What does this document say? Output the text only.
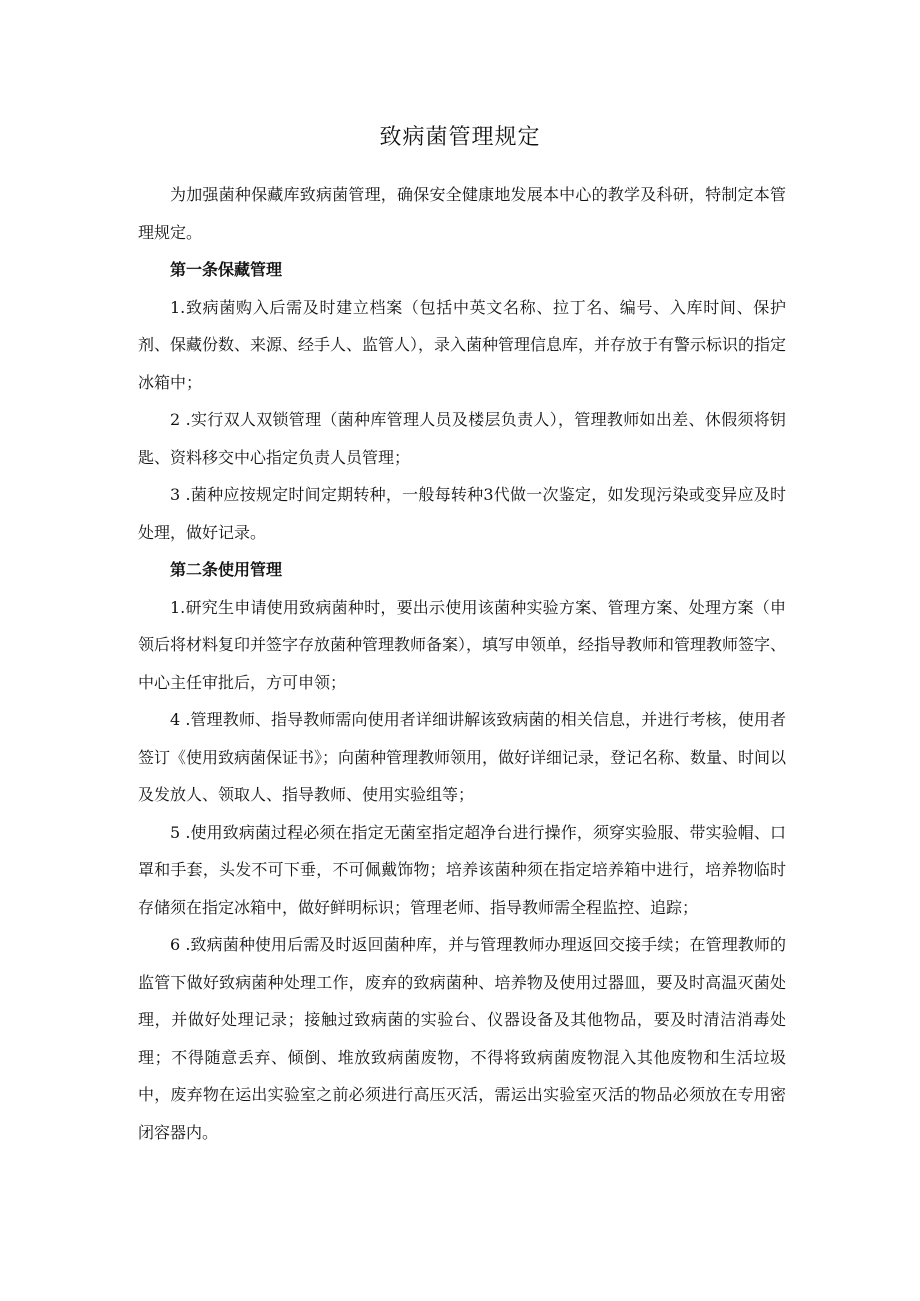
致病菌管理规定

为加强菌种保藏库致病菌管理，确保安全健康地发展本中心的教学及科研，特制定本管理规定。

第一条保藏管理

1.致病菌购入后需及时建立档案（包括中英文名称、拉丁名、编号、入库时间、保护剂、保藏份数、来源、经手人、监管人），录入菌种管理信息库，并存放于有警示标识的指定冰箱中；

2 .实行双人双锁管理（菌种库管理人员及楼层负责人），管理教师如出差、休假须将钥匙、资料移交中心指定负责人员管理；

3 .菌种应按规定时间定期转种，一般每转种3代做一次鉴定，如发现污染或变异应及时处理，做好记录。

第二条使用管理

1.研究生申请使用致病菌种时，要出示使用该菌种实验方案、管理方案、处理方案（申领后将材料复印并签字存放菌种管理教师备案），填写申领单，经指导教师和管理教师签字、中心主任审批后，方可申领；

4 .管理教师、指导教师需向使用者详细讲解该致病菌的相关信息，并进行考核，使用者签订《使用致病菌保证书》；向菌种管理教师领用，做好详细记录，登记名称、数量、时间以及发放人、领取人、指导教师、使用实验组等；

5 .使用致病菌过程必须在指定无菌室指定超净台进行操作，须穿实验服、带实验帽、口罩和手套，头发不可下垂，不可佩戴饰物；培养该菌种须在指定培养箱中进行，培养物临时存储须在指定冰箱中，做好鲜明标识；管理老师、指导教师需全程监控、追踪；

6 .致病菌种使用后需及时返回菌种库，并与管理教师办理返回交接手续；在管理教师的监管下做好致病菌种处理工作，废弃的致病菌种、培养物及使用过器皿，要及时高温灭菌处理，并做好处理记录；接触过致病菌的实验台、仪器设备及其他物品，要及时清洁消毒处理；不得随意丢弃、倾倒、堆放致病菌废物，不得将致病菌废物混入其他废物和生活垃圾中，废弃物在运出实验室之前必须进行高压灭活，需运出实验室灭活的物品必须放在专用密闭容器内。
